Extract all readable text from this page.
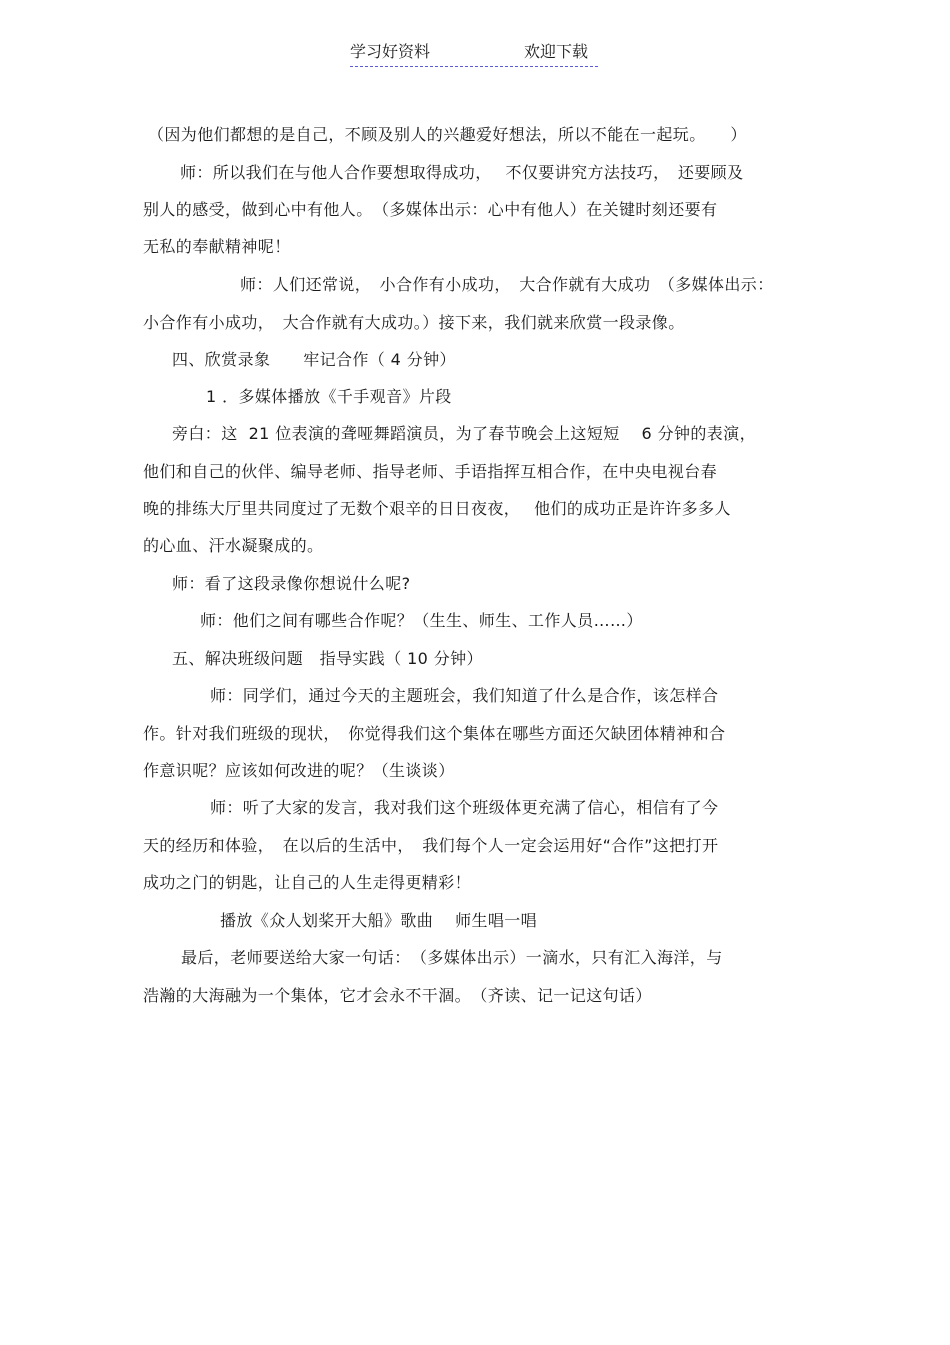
学习好资料	欢迎下载
（因为他们都想的是自己，不顾及别人的兴趣爱好想法，所以不能在一起玩。　　）
师：所以我们在与他人合作要想取得成功，　 不仅要讲究方法技巧，　还要顾及
别人的感受，做到心中有他人。　（多媒体出示：心中有他人）在关键时刻还要有
无私的奉献精神呢！
师：人们还常说，　小合作有小成功，　大合作就有大成功　（多媒体出示：
小合作有小成功，　大合作就有大成功。）接下来，我们就来欣赏一段录像。
四、欣赏录象　　牢记合作（ 4 分钟）
1 ．多媒体播放《千手观音》片段
旁白：这  21 位表演的聋哑舞蹈演员，为了春节晚会上这短短　 6 分钟的表演，
他们和自己的伙伴、编导老师、指导老师、手语指挥互相合作，在中央电视台春
晚的排练大厅里共同度过了无数个艰辛的日日夜夜，　 他们的成功正是许许多多人
的心血、汗水凝聚成的。
师：看了这段录像你想说什么呢?
师：他们之间有哪些合作呢？（生生、师生、工作人员……）
五、解决班级问题　指导实践（ 10 分钟）
师：同学们，通过今天的主题班会，我们知道了什么是合作，该怎样合
作。针对我们班级的现状，　你觉得我们这个集体在哪些方面还欠缺团体精神和合
作意识呢？应该如何改进的呢？（生谈谈）
师：听了大家的发言，我对我们这个班级体更充满了信心，相信有了今
天的经历和体验，　在以后的生活中，　我们每个人一定会运用好“合作”这把打开
成功之门的钥匙，让自己的人生走得更精彩！
播放《众人划桨开大船》歌曲　 师生唱一唱
最后，老师要送给大家一句话：　（多媒体出示）一滴水，只有汇入海洋，与
浩瀚的大海融为一个集体，它才会永不干涸。　（齐读、记一记这句话）
